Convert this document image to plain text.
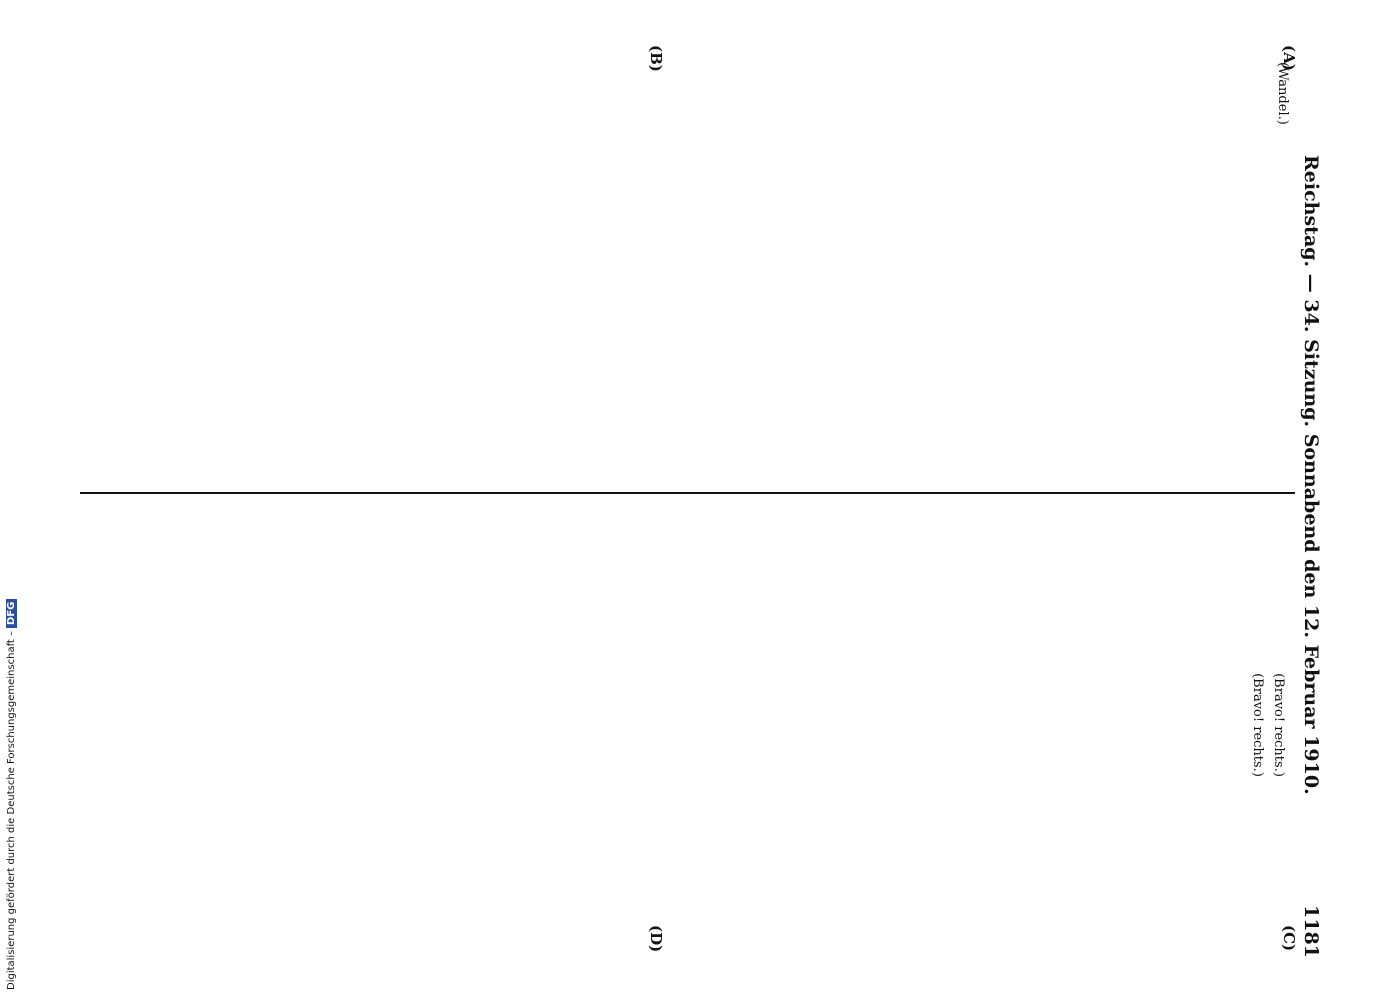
Reichstag. — 34. Sitzung. Sonnabend den 12. Februar 1910.
1181
(A)
(C)
(B)
(D)
(Wandel.)
(Bravo! rechts.)
(Bravo! rechts.)
Digitalisierung gefördert durch die Deutsche Forschungsgemeinschaft –DFG
